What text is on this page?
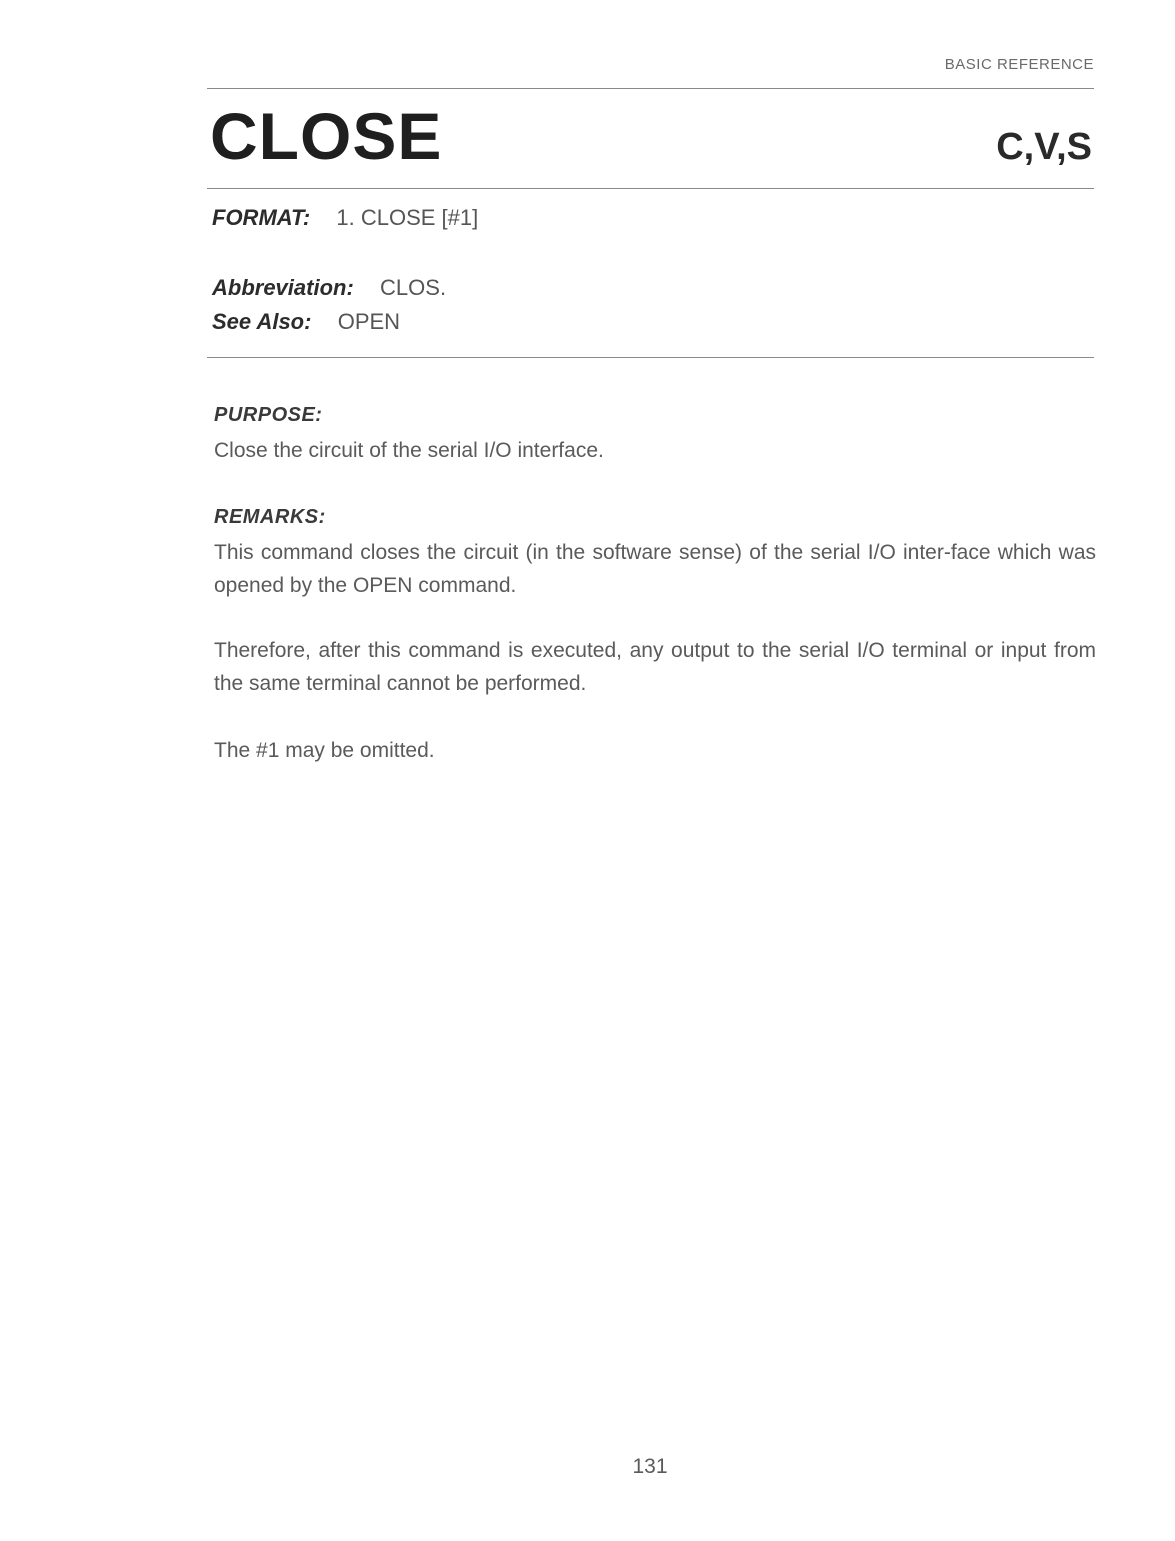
BASIC REFERENCE
CLOSE	C,V,S
FORMAT: 1. CLOSE [#1]
Abbreviation: CLOS.
See Also: OPEN
PURPOSE:
Close the circuit of the serial I/O interface.
REMARKS:
This command closes the circuit (in the software sense) of the serial I/O inter-face which was opened by the OPEN command.
Therefore, after this command is executed, any output to the serial I/O terminal or input from the same terminal cannot be performed.
The #1 may be omitted.
131
